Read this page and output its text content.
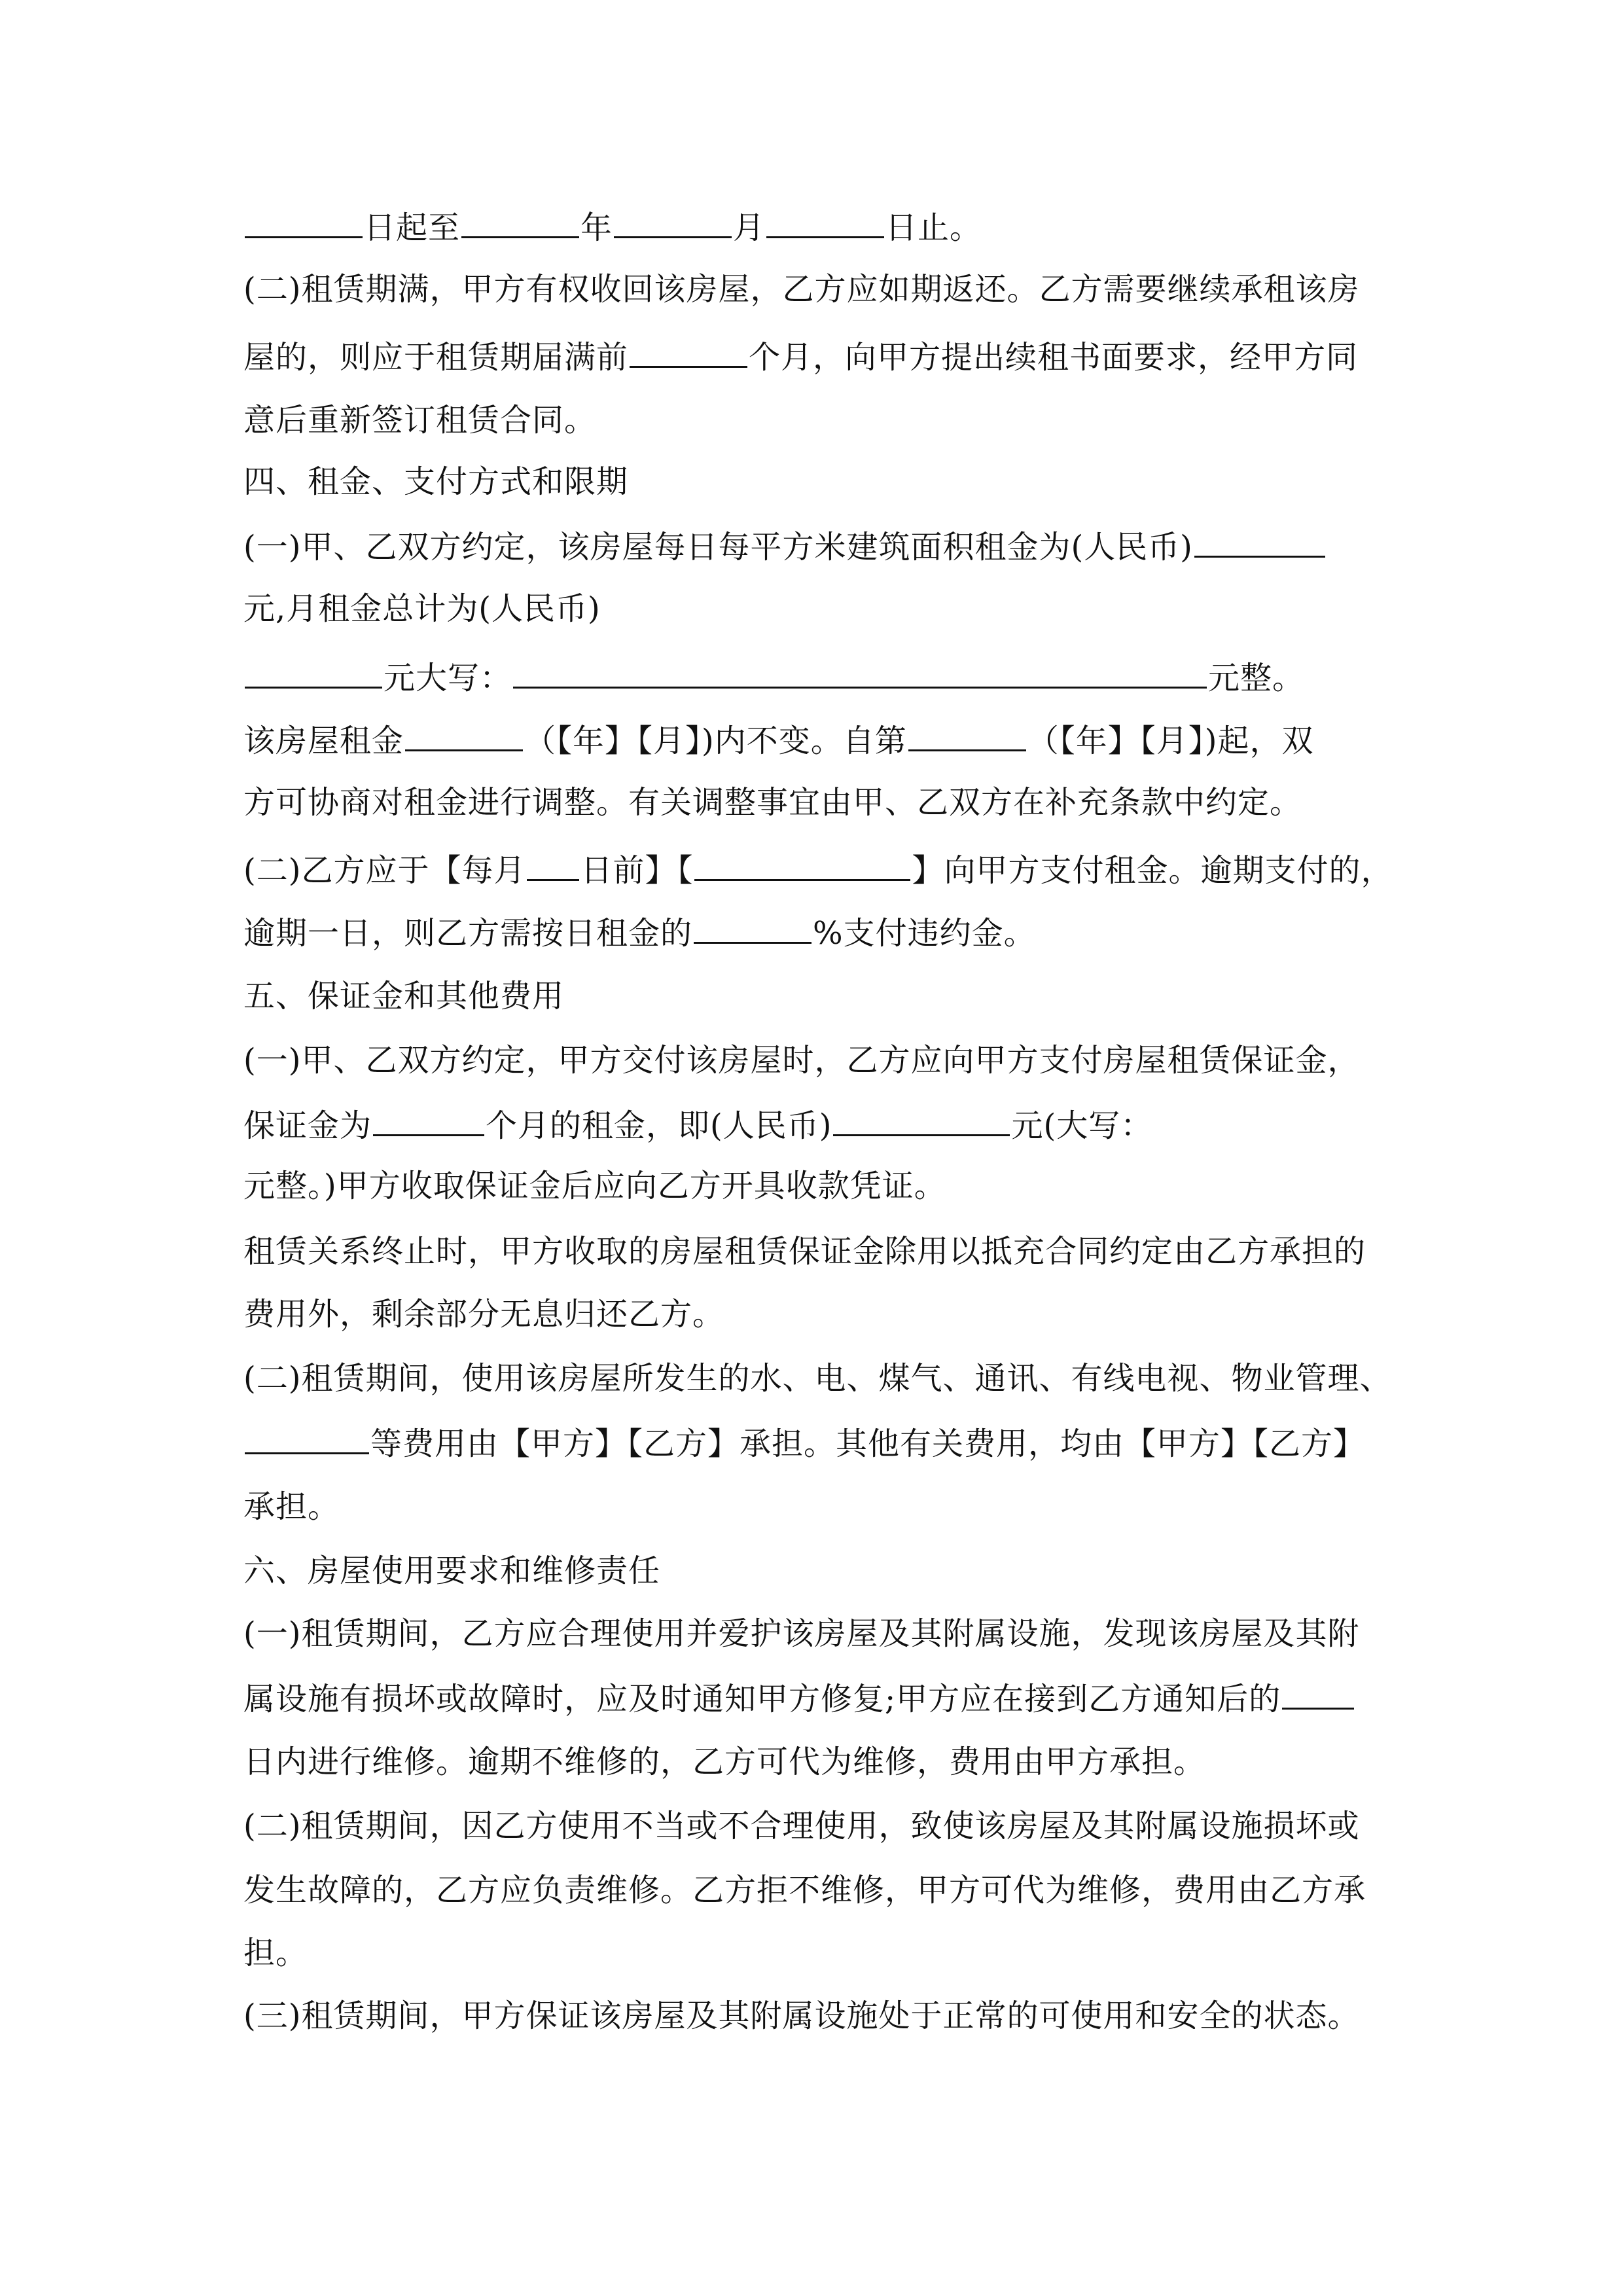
日起至	年	月	日止。
(二)租赁期满，甲方有权收回该房屋，乙方应如期返还。乙方需要继续承租该房
屋的，则应于租赁期届满前	个月，向甲方提出续租书面要求，经甲方同
意后重新签订租赁合同。
四、租金、支付方式和限期
(一)甲、乙双方约定，该房屋每日每平方米建筑面积租金为(人民币)
元,月租金总计为(人民币)
元大写：	元整。
该房屋租金	（【年】【月】)内不变。自第	（【年】【月】)起，双
方可协商对租金进行调整。有关调整事宜由甲、乙双方在补充条款中约定。
(二)乙方应于【每月 日前】【	】向甲方支付租金。逾期支付的，
逾期一日，则乙方需按日租金的	%支付违约金。
五、保证金和其他费用
(一)甲、乙双方约定，甲方交付该房屋时，乙方应向甲方支付房屋租赁保证金，
保证金为	个月的租金，即(人民币)	元(大写：
元整。)甲方收取保证金后应向乙方开具收款凭证。
租赁关系终止时，甲方收取的房屋租赁保证金除用以抵充合同约定由乙方承担的
费用外，剩余部分无息归还乙方。
(二)租赁期间，使用该房屋所发生的水、电、煤气、通讯、有线电视、物业管理、
等费用由【甲方】【乙方】承担。其他有关费用，均由【甲方】【乙方】
承担。
六、房屋使用要求和维修责任
(一)租赁期间，乙方应合理使用并爱护该房屋及其附属设施，发现该房屋及其附
属设施有损坏或故障时，应及时通知甲方修复;甲方应在接到乙方通知后的
日内进行维修。逾期不维修的，乙方可代为维修，费用由甲方承担。
(二)租赁期间，因乙方使用不当或不合理使用，致使该房屋及其附属设施损坏或
发生故障的，乙方应负责维修。乙方拒不维修，甲方可代为维修，费用由乙方承
担。
(三)租赁期间，甲方保证该房屋及其附属设施处于正常的可使用和安全的状态。
